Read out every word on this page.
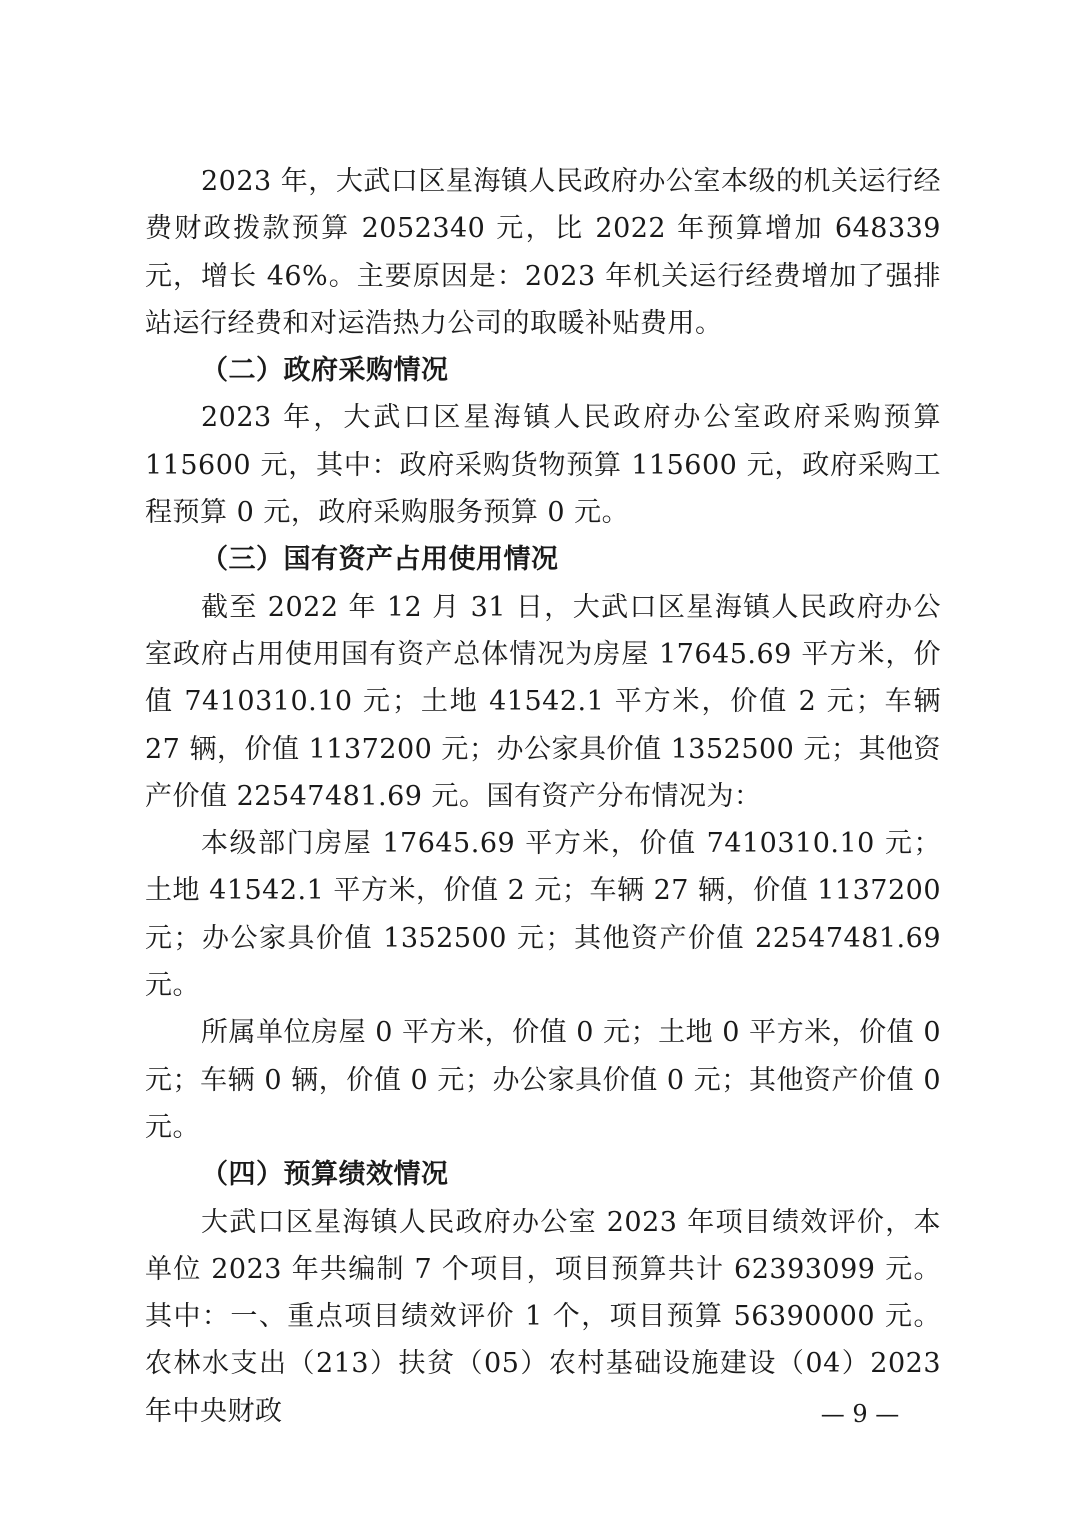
2023 年，大武口区星海镇人民政府办公室本级的机关运行经费财政拨款预算 2052340 元，比 2022 年预算增加 648339 元，增长 46%。主要原因是：2023 年机关运行经费增加了强排站运行经费和对运浩热力公司的取暖补贴费用。

（二）政府采购情况

2023 年，大武口区星海镇人民政府办公室政府采购预算 115600 元，其中：政府采购货物预算 115600 元，政府采购工程预算 0 元，政府采购服务预算 0 元。

（三）国有资产占用使用情况

截至 2022 年 12 月 31 日，大武口区星海镇人民政府办公室政府占用使用国有资产总体情况为房屋 17645.69 平方米，价值 7410310.10 元；土地 41542.1 平方米，价值 2 元；车辆 27 辆，价值 1137200 元；办公家具价值 1352500 元；其他资产价值 22547481.69 元。国有资产分布情况为：

本级部门房屋 17645.69 平方米，价值 7410310.10 元；土地 41542.1 平方米，价值 2 元；车辆 27 辆，价值 1137200 元；办公家具价值 1352500 元；其他资产价值 22547481.69 元。

所属单位房屋 0 平方米，价值 0 元；土地 0 平方米，价值 0 元；车辆 0 辆，价值 0 元；办公家具价值 0 元；其他资产价值 0 元。

（四）预算绩效情况

大武口区星海镇人民政府办公室 2023 年项目绩效评价，本单位 2023 年共编制 7 个项目，项目预算共计 62393099 元。其中：一、重点项目绩效评价 1 个，项目预算 56390000 元。农林水支出（213）扶贫（05）农村基础设施建设（04）2023 年中央财政	— 9 —
